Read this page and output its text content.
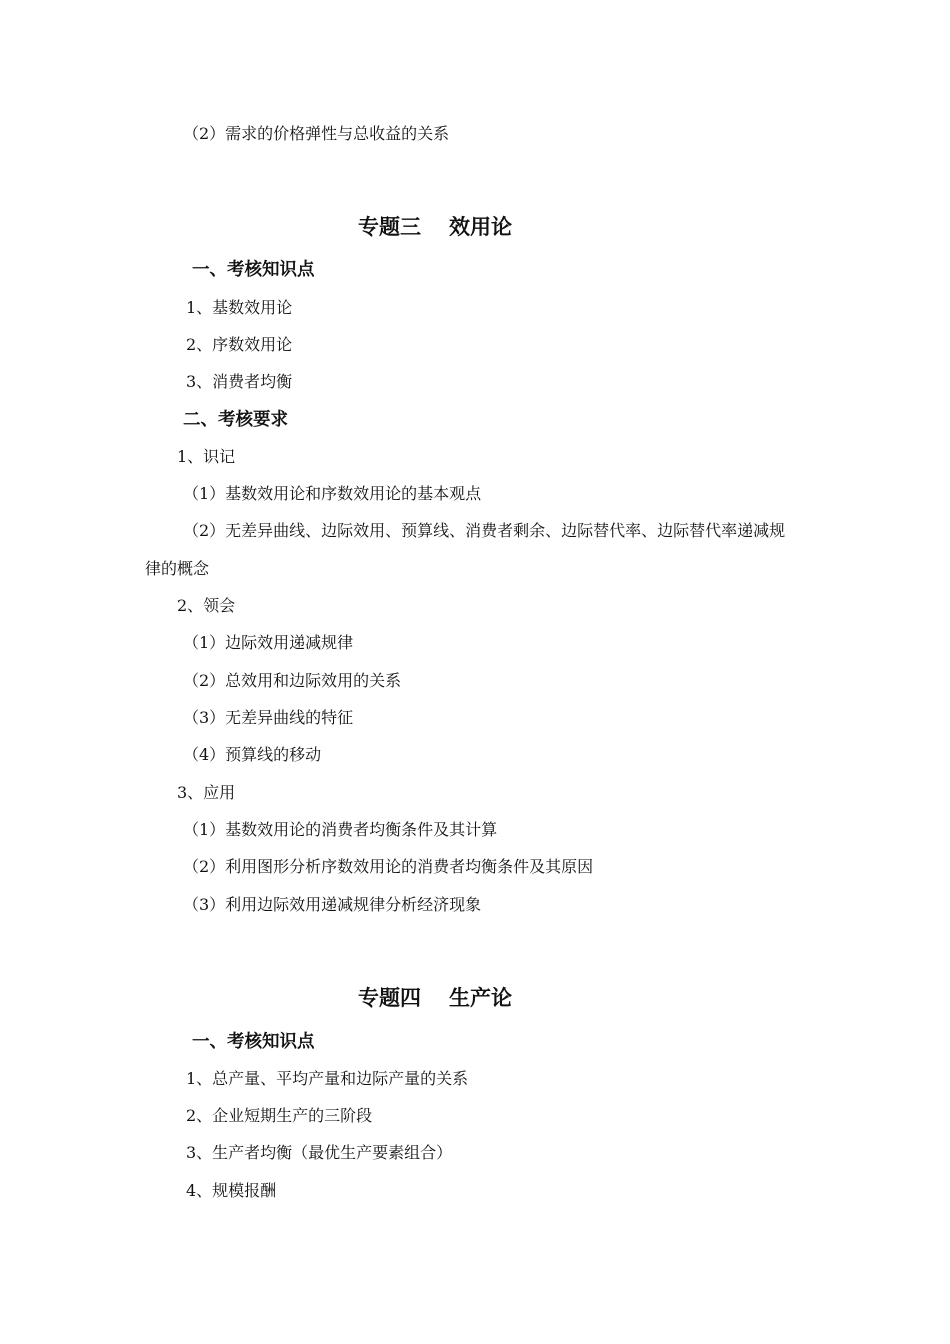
（2）需求的价格弹性与总收益的关系
专题三 效用论
一、考核知识点
1、基数效用论
2、序数效用论
3、消费者均衡
二、考核要求
1、识记
（1）基数效用论和序数效用论的基本观点
（2）无差异曲线、边际效用、预算线、消费者剩余、边际替代率、边际替代率递减规
律的概念
2、领会
（1）边际效用递减规律
（2）总效用和边际效用的关系
（3）无差异曲线的特征
（4）预算线的移动
3、应用
（1）基数效用论的消费者均衡条件及其计算
（2）利用图形分析序数效用论的消费者均衡条件及其原因
（3）利用边际效用递减规律分析经济现象
专题四 生产论
一、考核知识点
1、总产量、平均产量和边际产量的关系
2、企业短期生产的三阶段
3、生产者均衡（最优生产要素组合）
4、规模报酬
